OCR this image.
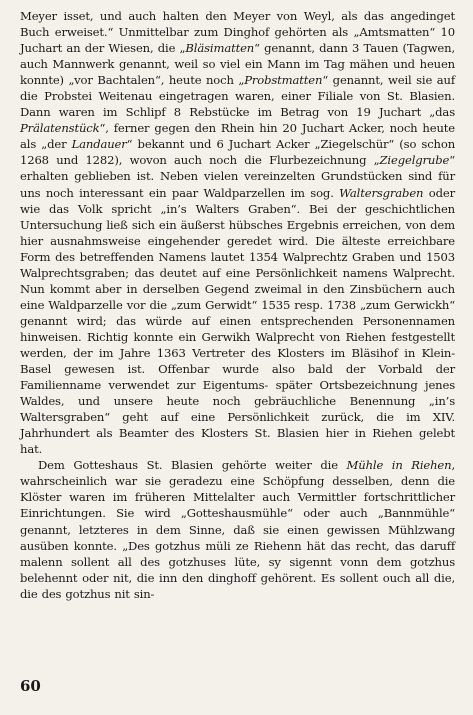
Meyer isset, und auch halten den Meyer von Weyl, als das angedinget Buch erweiset.“ Unmittelbar zum Dinghof gehörten als „Amtsmatten“ 10 Juchart an der Wiesen, die „Bläsimatten“ genannt, dann 3 Tauen (Tagwen, auch Mannwerk genannt, weil so viel ein Mann im Tag mähen und heuen konnte) „vor Bachtalen“, heute noch „Probstmatten“ genannt, weil sie auf die Probstei Weitenau eingetragen waren, einer Filiale von St. Blasien. Dann waren im Schlipf 8 Rebstücke im Betrag von 19 Juchart „das Prälatenstück“, ferner gegen den Rhein hin 20 Juchart Acker, noch heute als „der Landauer“ bekannt und 6 Juchart Acker „Ziegelschür“ (so schon 1268 und 1282), wovon auch noch die Flurbezeichnung „Ziegelgrube“ erhalten geblieben ist. Neben vielen vereinzelten Grundstücken sind für uns noch interessant ein paar Waldparzellen im sog. Waltersgraben oder wie das Volk spricht „in’s Walters Graben“. Bei der geschichtlichen Untersuchung ließ sich ein äußerst hübsches Ergebnis erreichen, von dem hier ausnahmsweise eingehender geredet wird. Die älteste erreichbare Form des betreffenden Namens lautet 1354 Walprechtz Graben und 1503 Walprechtsgraben; das deutet auf eine Persönlichkeit namens Walprecht. Nun kommt aber in derselben Gegend zweimal in den Zinsbüchern auch eine Waldparzelle vor die „zum Gerwidt“ 1535 resp. 1738 „zum Gerwickh“ genannt wird; das würde auf einen entsprechenden Personennamen hinweisen. Richtig konnte ein Gerwikh Walprecht von Riehen festgestellt werden, der im Jahre 1363 Vertreter des Klosters im Bläsihof in Klein-Basel gewesen ist. Offenbar wurde also bald der Vorbald der Familienname verwendet zur Eigentums- später Ortsbezeichnung jenes Waldes, und unsere heute noch gebräuchliche Benennung „in’s Waltersgraben“ geht auf eine Persönlichkeit zurück, die im XIV. Jahrhundert als Beamter des Klosters St. Blasien hier in Riehen gelebt hat.

Dem Gotteshaus St. Blasien gehörte weiter die Mühle in Riehen, wahrscheinlich war sie geradezu eine Schöpfung desselben, denn die Klöster waren im früheren Mittelalter auch Vermittler fortschrittlicher Einrichtungen. Sie wird „Gotteshausmühle“ oder auch „Bannmühle“ genannt, letzteres in dem Sinne, daß sie einen gewissen Mühlzwang ausüben konnte. „Des gotzhus müli ze Riehenn hät das recht, das daruff malenn sollent all des gotzhuses lüte, sy sigennt vonn dem gotzhus belehennt oder nit, die inn den dinghoff gehörent. Es sollent ouch all die, die des gotzhus nit sin-

60
